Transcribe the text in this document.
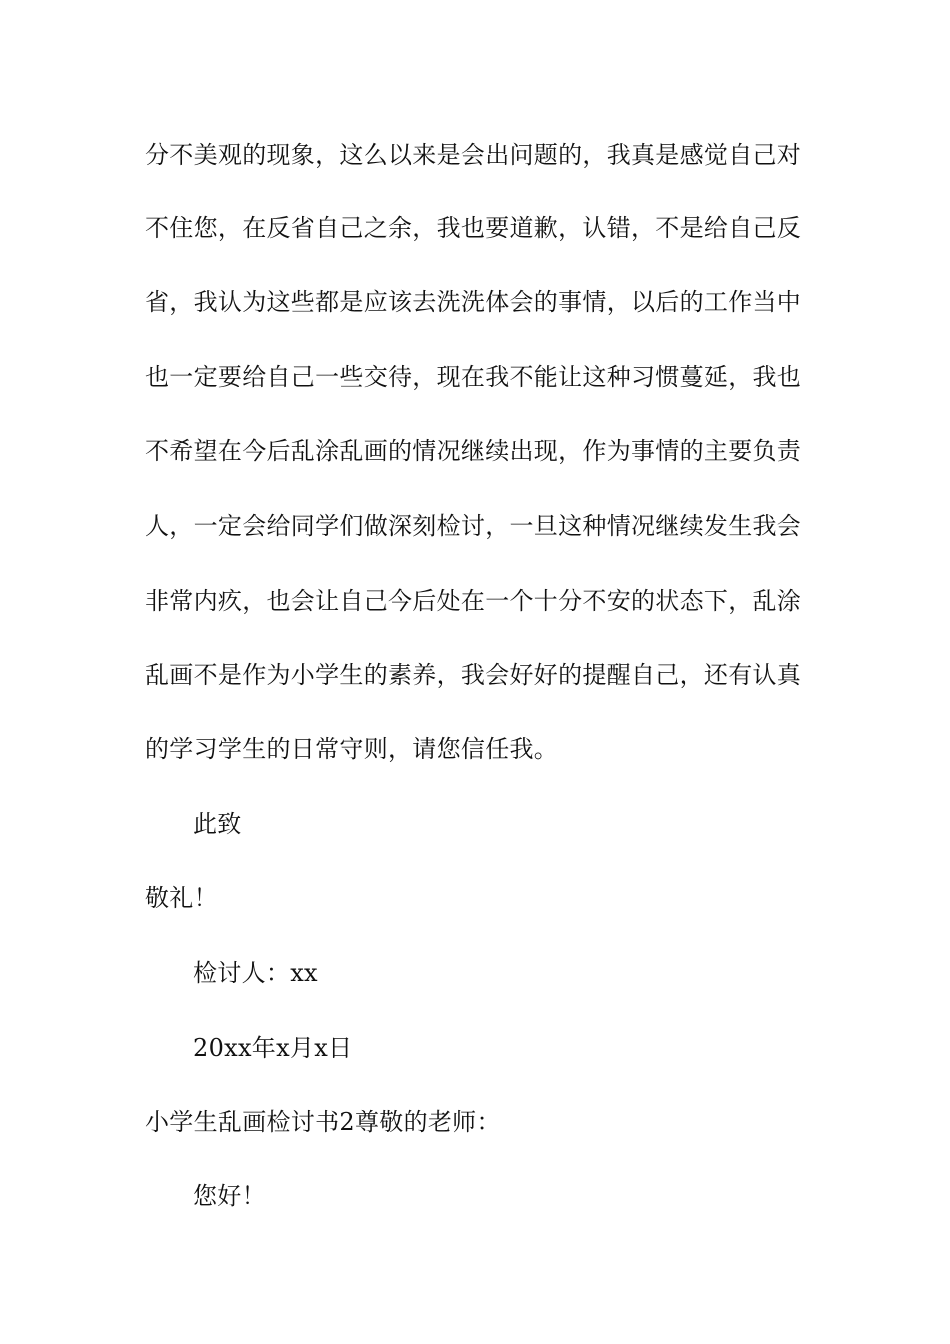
分不美观的现象，这么以来是会出问题的，我真是感觉自己对
不住您，在反省自己之余，我也要道歉，认错，不是给自己反
省，我认为这些都是应该去洗洗体会的事情，以后的工作当中
也一定要给自己一些交待，现在我不能让这种习惯蔓延，我也
不希望在今后乱涂乱画的情况继续出现，作为事情的主要负责
人，一定会给同学们做深刻检讨，一旦这种情况继续发生我会
非常内疚，也会让自己今后处在一个十分不安的状态下，乱涂
乱画不是作为小学生的素养，我会好好的提醒自己，还有认真
的学习学生的日常守则，请您信任我。
此致
敬礼！
检讨人：xx
20xx年x月x日
小学生乱画检讨书2尊敬的老师：
您好！
